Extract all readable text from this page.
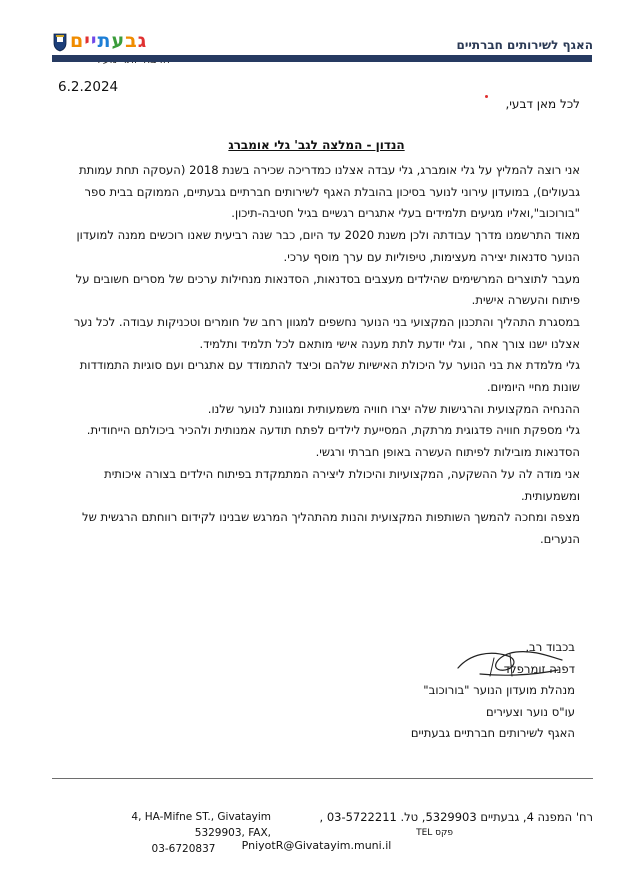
גבעתיים	האגף לשירותים חברתיים
6.2.2024
לכל מאן דבעי,
הנדון - המלצה לגב' גלי אומברג

אני רוצה להמליץ על גלי אומברג, גלי עבדה אצלנו כמדריכה שכירה בשנת 2018 (העסקה תחת עמותת גבעולים), במועדון עירוני לנוער בסיכון בהובלת האגף לשירותים חברתיים גבעתיים, הממוקם בבית ספר "בורוכוב",ואליו מגיעים תלמידים בעלי אתגרים רגשיים בגיל חטיבה-תיכון.

מאוד התרשמנו מדרך עבודתה ולכן משנת 2020 עד היום, כבר שנה רביעית שאנו רוכשים ממנה למועדון הנוער סדנאות יצירה מעצימות, טיפוליות עם ערך מוסף ערכי.

מעבר לתוצרים המרשימים שהילדים מעצבים בסדנאות, הסדנאות מנחילות ערכים של מסרים חשובים על פיתוח והעשרה אישית.

במסגרת התהליך והתכנון המקצועי בני הנוער נחשפים למגוון רחב של חומרים וטכניקות עבודה. לכל נער אצלנו ישנו צורך אחר , וגלי יודעת לתת מענה אישי מותאם לכל תלמיד ותלמיד.

גלי מלמדת את בני הנוער על היכולת האישיות שלהם וכיצד להתמודד עם אתגרים ועם סוגיות התמודדות שונות מחיי היומיום.

ההנחיה המקצועית והרגישות שלה יצרו חוויה משמעותית ומגוונת לנוער שלנו.

גלי מספקת חוויה פדגוגית מרתקת, המסייעת לילדים לפתח תודעה אמנותית ולהכיר ביכולתם הייחודית.

הסדנאות מובילות לפיתוח העשרה באופן חברתי ורגשי.

אני מודה לה על ההשקעה, המקצועיות והיכולת ליצירה המתמקדת בפיתוח הילדים בצורה איכותית ומשמעותית.

מצפה ומחכה להמשך השותפות המקצועית והנות מהתהליך המרגש שבנינו לקידום רווחתם הרגשית של הנערים.

בכבוד רב,
דפנה זומרפלד
מנהלת מועדון הנוער "בורוכוב"
עו"ס נוער וצעירים
האגף לשירותים חברתיים גבעתיים
רח' המפנה 4, גבעתיים 5329903, טל. 03-5722211 ,
פקס TEL
4, HA-Mifne ST., Givatayim 5329903, FAX,
03-6720837	PniyotR@Givatayim.muni.il
